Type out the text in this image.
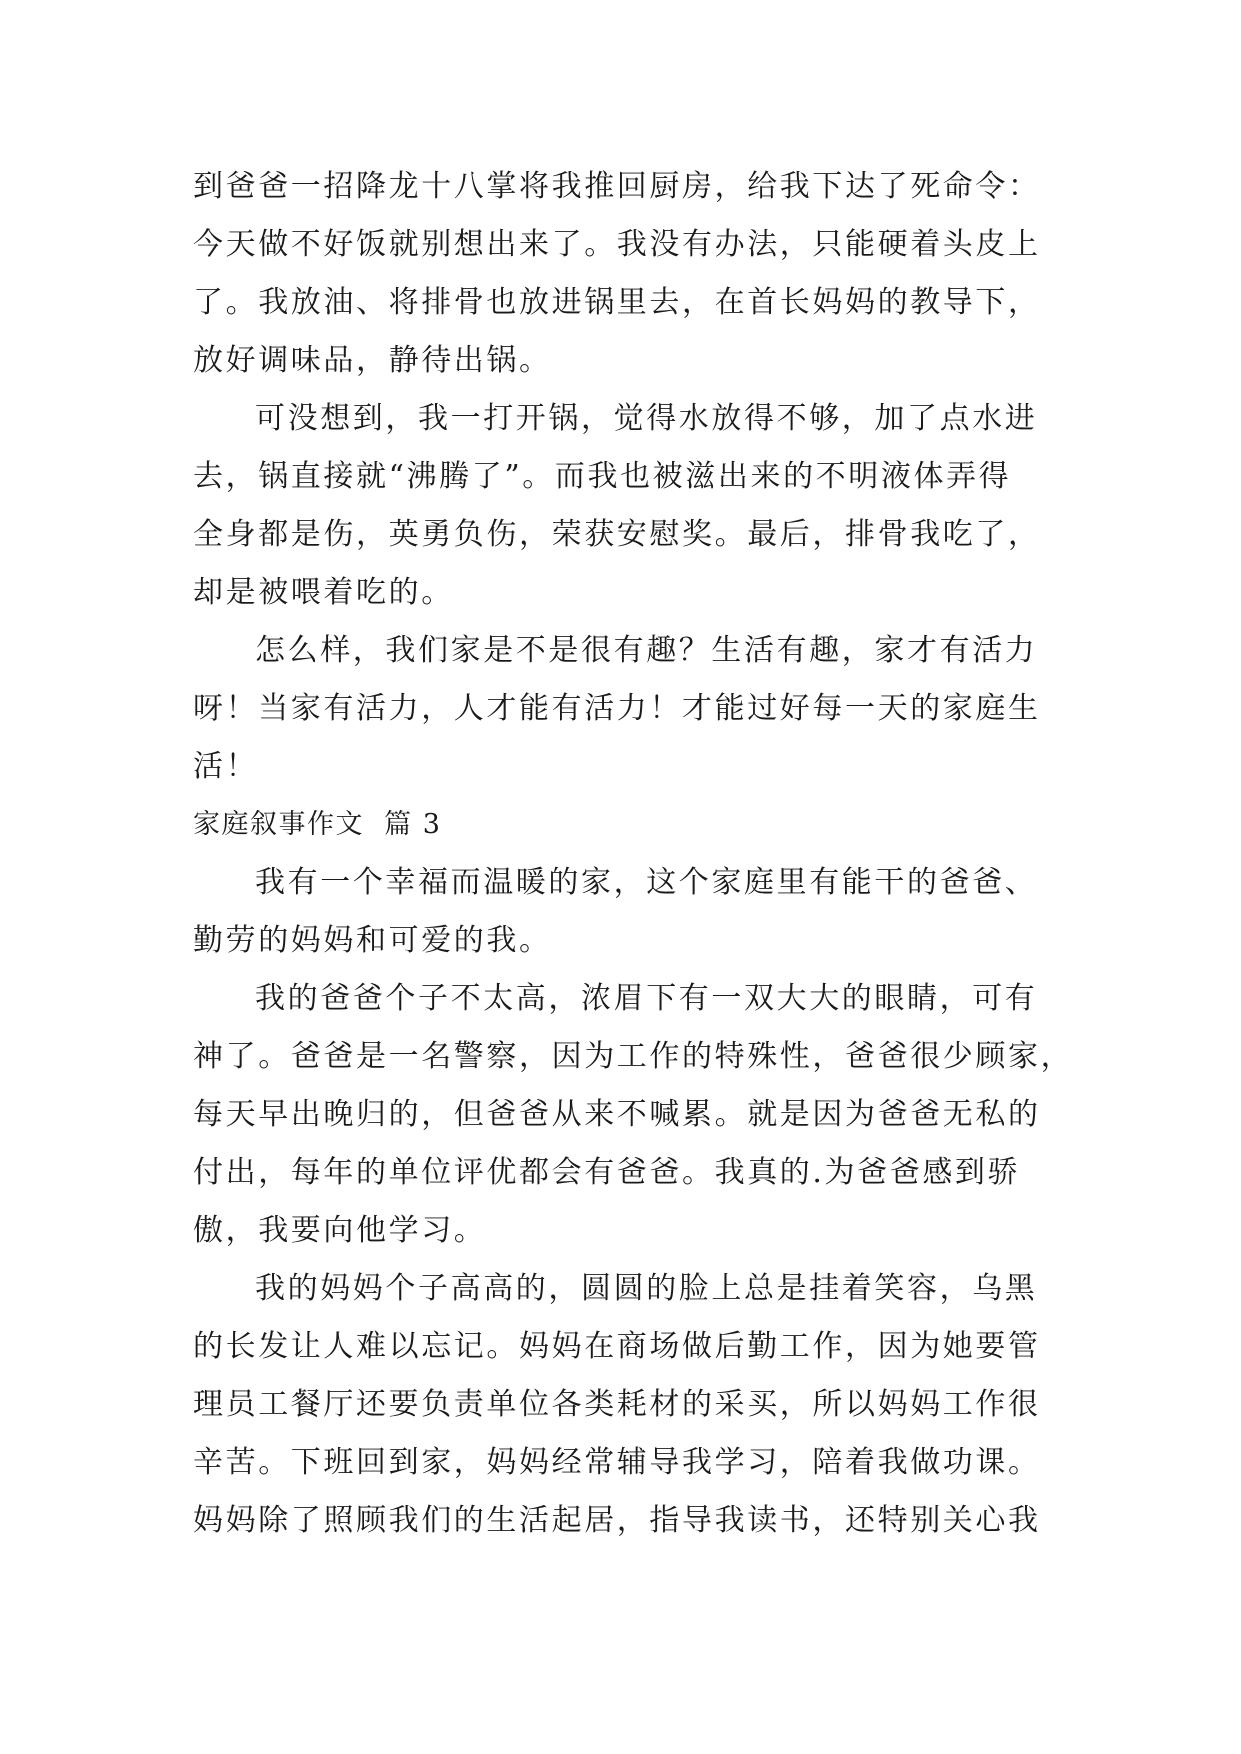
到爸爸一招降龙十八掌将我推回厨房，给我下达了死命令：
今天做不好饭就别想出来了。我没有办法，只能硬着头皮上
了。我放油、将排骨也放进锅里去，在首长妈妈的教导下，
放好调味品，静待出锅。
可没想到，我一打开锅，觉得水放得不够，加了点水进
去，锅直接就“沸腾了”。而我也被滋出来的不明液体弄得
全身都是伤，英勇负伤，荣获安慰奖。最后，排骨我吃了，
却是被喂着吃的。
怎么样，我们家是不是很有趣？生活有趣，家才有活力
呀！当家有活力，人才能有活力！才能过好每一天的家庭生
活！
家庭叙事作文  篇 3
我有一个幸福而温暖的家，这个家庭里有能干的爸爸、
勤劳的妈妈和可爱的我。
我的爸爸个子不太高，浓眉下有一双大大的眼睛，可有
神了。爸爸是一名警察，因为工作的特殊性，爸爸很少顾家，
每天早出晚归的，但爸爸从来不喊累。就是因为爸爸无私的
付出，每年的单位评优都会有爸爸。我真的.为爸爸感到骄
傲，我要向他学习。
我的妈妈个子高高的，圆圆的脸上总是挂着笑容，乌黑
的长发让人难以忘记。妈妈在商场做后勤工作，因为她要管
理员工餐厅还要负责单位各类耗材的采买，所以妈妈工作很
辛苦。下班回到家，妈妈经常辅导我学习，陪着我做功课。
妈妈除了照顾我们的生活起居，指导我读书，还特别关心我
